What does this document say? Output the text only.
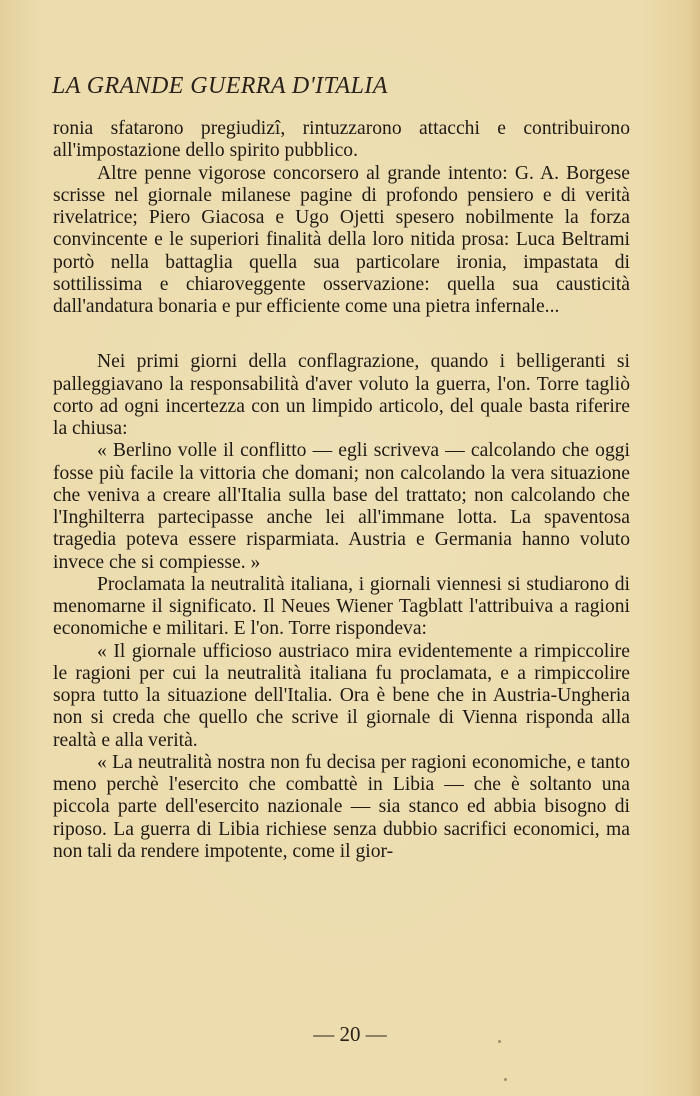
LA GRANDE GUERRA D'ITALIA

ronia sfatarono pregiudizî, rintuzzarono attacchi e contribuirono all'impostazione dello spirito pubblico.

Altre penne vigorose concorsero al grande intento: G. A. Borgese scrisse nel giornale milanese pagine di profondo pensiero e di verità rivelatrice; Piero Giacosa e Ugo Ojetti spesero nobilmente la forza convincente e le superiori finalità della loro nitida prosa: Luca Beltrami portò nella battaglia quella sua particolare ironia, impastata di sottilissima e chiaroveggente osservazione: quella sua causticità dall'andatura bonaria e pur efficiente come una pietra infernale...

Nei primi giorni della conflagrazione, quando i belligeranti si palleggiavano la responsabilità d'aver voluto la guerra, l'on. Torre tagliò corto ad ogni incertezza con un limpido articolo, del quale basta riferire la chiusa:

« Berlino volle il conflitto — egli scriveva — calcolando che oggi fosse più facile la vittoria che domani; non calcolando la vera situazione che veniva a creare all'Italia sulla base del trattato; non calcolando che l'Inghilterra partecipasse anche lei all'immane lotta. La spaventosa tragedia poteva essere risparmiata. Austria e Germania hanno voluto invece che si compiesse. »

Proclamata la neutralità italiana, i giornali viennesi si studiarono di menomarne il significato. Il Neues Wiener Tagblatt l'attribuiva a ragioni economiche e militari. E l'on. Torre rispondeva:

« Il giornale ufficioso austriaco mira evidentemente a rimpiccolire le ragioni per cui la neutralità italiana fu proclamata, e a rimpiccolire sopra tutto la situazione dell'Italia. Ora è bene che in Austria-Ungheria non si creda che quello che scrive il giornale di Vienna risponda alla realtà e alla verità.

« La neutralità nostra non fu decisa per ragioni economiche, e tanto meno perchè l'esercito che combattè in Libia — che è soltanto una piccola parte dell'esercito nazionale — sia stanco ed abbia bisogno di riposo. La guerra di Libia richiese senza dubbio sacrifici economici, ma non tali da rendere impotente, come il gior-

— 20 —
